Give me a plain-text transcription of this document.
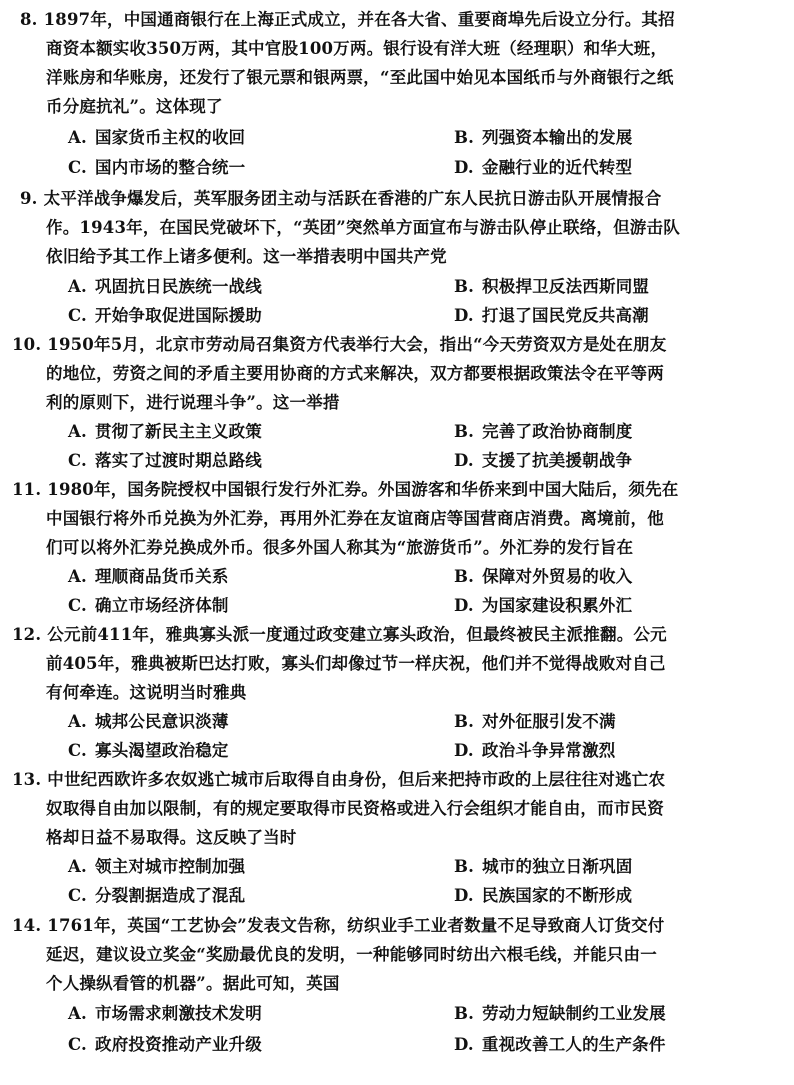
8. 1897年，中国通商银行在上海正式成立，并在各大省、重要商埠先后设立分行。其招
商资本额实收350万两，其中官股100万两。银行设有洋大班（经理职）和华大班，
洋账房和华账房，还发行了银元票和银两票，“至此国中始见本国纸币与外商银行之纸
币分庭抗礼”。这体现了
A. 国家货币主权的收回	B. 列强资本输出的发展
C. 国内市场的整合统一	D. 金融行业的近代转型
9. 太平洋战争爆发后，英军服务团主动与活跃在香港的广东人民抗日游击队开展情报合
作。1943年，在国民党破坏下，“英团”突然单方面宣布与游击队停止联络，但游击队
依旧给予其工作上诸多便利。这一举措表明中国共产党
A. 巩固抗日民族统一战线	B. 积极捍卫反法西斯同盟
C. 开始争取促进国际援助	D. 打退了国民党反共高潮
10. 1950年5月，北京市劳动局召集资方代表举行大会，指出“今天劳资双方是处在朋友
的地位，劳资之间的矛盾主要用协商的方式来解决，双方都要根据政策法令在平等两
利的原则下，进行说理斗争”。这一举措
A. 贯彻了新民主主义政策	B. 完善了政治协商制度
C. 落实了过渡时期总路线	D. 支援了抗美援朝战争
11. 1980年，国务院授权中国银行发行外汇券。外国游客和华侨来到中国大陆后，须先在
中国银行将外币兑换为外汇券，再用外汇券在友谊商店等国营商店消费。离境前，他
们可以将外汇券兑换成外币。很多外国人称其为“旅游货币”。外汇券的发行旨在
A. 理顺商品货币关系	B. 保障对外贸易的收入
C. 确立市场经济体制	D. 为国家建设积累外汇
12. 公元前411年，雅典寡头派一度通过政变建立寡头政治，但最终被民主派推翻。公元
前405年，雅典被斯巴达打败，寡头们却像过节一样庆祝，他们并不觉得战败对自己
有何牵连。这说明当时雅典
A. 城邦公民意识淡薄	B. 对外征服引发不满
C. 寡头渴望政治稳定	D. 政治斗争异常激烈
13. 中世纪西欧许多农奴逃亡城市后取得自由身份，但后来把持市政的上层往往对逃亡农
奴取得自由加以限制，有的规定要取得市民资格或进入行会组织才能自由，而市民资
格却日益不易取得。这反映了当时
A. 领主对城市控制加强	B. 城市的独立日渐巩固
C. 分裂割据造成了混乱	D. 民族国家的不断形成
14. 1761年，英国“工艺协会”发表文告称，纺织业手工业者数量不足导致商人订货交付
延迟，建议设立奖金“奖励最优良的发明，一种能够同时纺出六根毛线，并能只由一
个人操纵看管的机器”。据此可知，英国
A. 市场需求刺激技术发明	B. 劳动力短缺制约工业发展
C. 政府投资推动产业升级	D. 重视改善工人的生产条件
